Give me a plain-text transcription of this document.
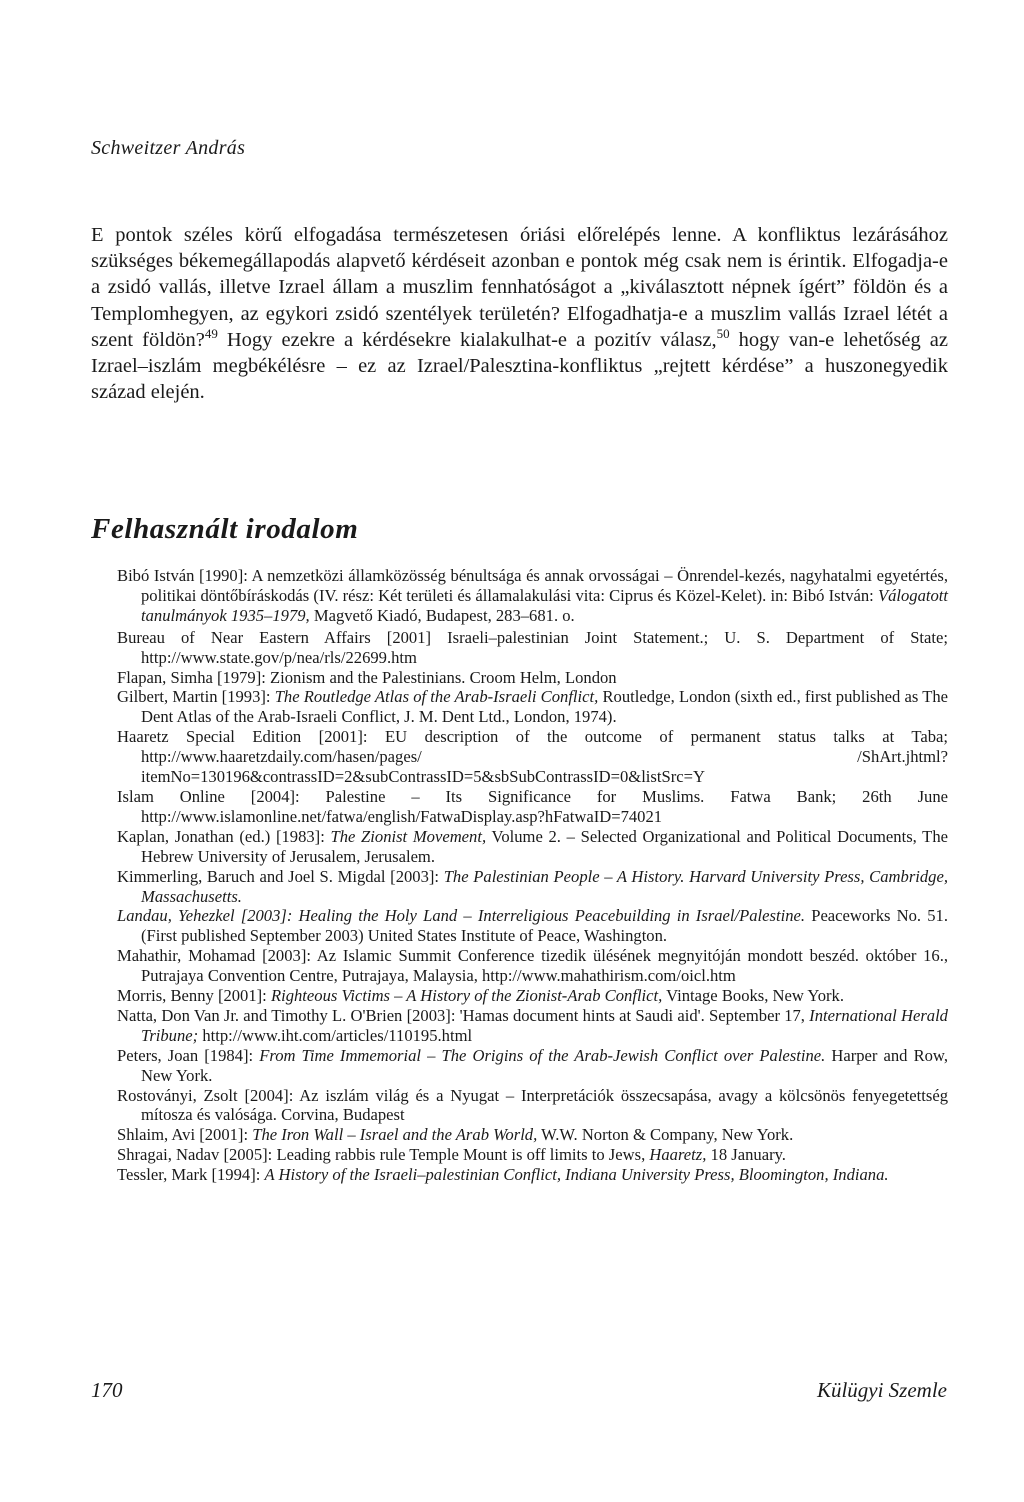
Schweitzer András

E pontok széles körű elfogadása természetesen óriási előrelépés lenne. A konfliktus lezárásához szükséges békemegállapodás alapvető kérdéseit azonban e pontok még csak nem is érintik. Elfogadja-e a zsidó vallás, illetve Izrael állam a muszlim fennhatóságot a „kiválasztott népnek ígért” földön és a Templomhegyen, az egykori zsidó szentélyek területén? Elfogadhatja-e a muszlim vallás Izrael létét a szent földön?$^{49}$ Hogy ezekre a kérdésekre kialakulhat-e a pozitív válasz,$^{50}$ hogy van-e lehetőség az Izrael–iszlám megbékélésre – ez az Izrael/Palesztina-konfliktus „rejtett kérdése” a huszonegyedik század elején.

Felhasznált irodalom
Bibó István [1990]: A nemzetközi államközösség bénultsága és annak orvosságai – Önrendel-kezés, nagyhatalmi egyetértés, politikai döntőbíráskodás (IV. rész: Két területi és államalakulási vita: Ciprus és Közel-Kelet). in: Bibó István: Válogatott tanulmányok 1935–1979, Magvető Kiadó, Budapest, 283–681. o.
Bureau of Near Eastern Affairs [2001] Israeli–palestinian Joint Statement.; U. S. Department of State; http://www.state.gov/p/nea/rls/22699.htm
Flapan, Simha [1979]: Zionism and the Palestinians. Croom Helm, London
Gilbert, Martin [1993]: The Routledge Atlas of the Arab-Israeli Conflict, Routledge, London (sixth ed., first published as The Dent Atlas of the Arab-Israeli Conflict, J. M. Dent Ltd., London, 1974).
Haaretz Special Edition [2001]: EU description of the outcome of permanent status talks at Taba; http://www.haaretzdaily.com/hasen/pages/ /ShArt.jhtml?itemNo=130196&contrassID=2&subContrassID=5&sbSubContrassID=0&listSrc=Y
Islam Online [2004]: Palestine – Its Significance for Muslims. Fatwa Bank; 26th June http://www.islamonline.net/fatwa/english/FatwaDisplay.asp?hFatwaID=74021
Kaplan, Jonathan (ed.) [1983]: The Zionist Movement, Volume 2. – Selected Organizational and Political Documents, The Hebrew University of Jerusalem, Jerusalem.
Kimmerling, Baruch and Joel S. Migdal [2003]: The Palestinian People – A History. Harvard University Press, Cambridge, Massachusetts.
Landau, Yehezkel [2003]: Healing the Holy Land – Interreligious Peacebuilding in Israel/Palestine. Peaceworks No. 51. (First published September 2003) United States Institute of Peace, Washington.
Mahathir, Mohamad [2003]: Az Islamic Summit Conference tizedik ülésének megnyitóján mondott beszéd. október 16., Putrajaya Convention Centre, Putrajaya, Malaysia, http://www.mahathirism.com/oicl.htm
Morris, Benny [2001]: Righteous Victims – A History of the Zionist-Arab Conflict, Vintage Books, New York.
Natta, Don Van Jr. and Timothy L. O'Brien [2003]: 'Hamas document hints at Saudi aid'. September 17, International Herald Tribune; http://www.iht.com/articles/110195.html
Peters, Joan [1984]: From Time Immemorial – The Origins of the Arab-Jewish Conflict over Palestine. Harper and Row, New York.
Rostoványi, Zsolt [2004]: Az iszlám világ és a Nyugat – Interpretációk összecsapása, avagy a kölcsönös fenyegetettség mítosza és valósága. Corvina, Budapest
Shlaim, Avi [2001]: The Iron Wall – Israel and the Arab World, W.W. Norton & Company, New York.
Shragai, Nadav [2005]: Leading rabbis rule Temple Mount is off limits to Jews, Haaretz, 18 January.
Tessler, Mark [1994]: A History of the Israeli–palestinian Conflict, Indiana University Press, Bloomington, Indiana.
170	Külügyi Szemle
